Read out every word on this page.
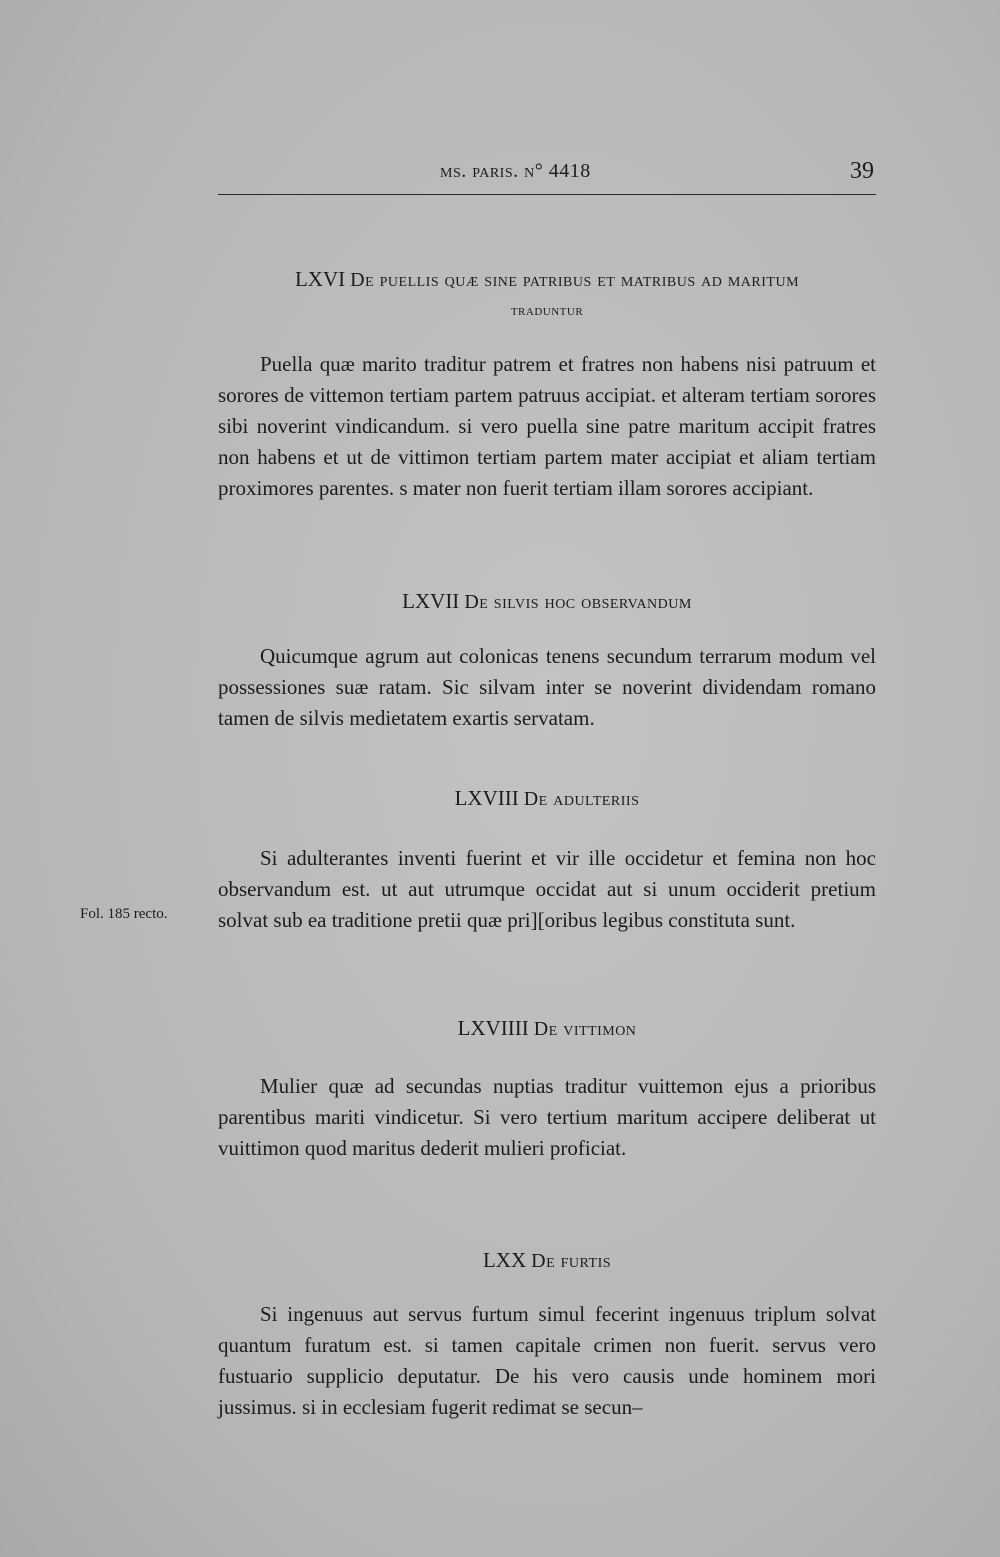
ms. paris. n° 4418	39
LXVI De puellis quæ sine patribus et matribus ad maritum
traduntur
Puella quæ marito traditur patrem et fratres non habens nisi patruum et sorores de vittemon tertiam partem patruus accipiat. et alteram tertiam sorores sibi noverint vindicandum. si vero puella sine patre maritum accipit fratres non habens et ut de vittimon tertiam partem mater accipiat et aliam tertiam proximores parentes. s mater non fuerit tertiam illam sorores accipiant.
LXVII De silvis hoc observandum
Quicumque agrum aut colonicas tenens secundum terrarum modum vel possessiones suæ ratam. Sic silvam inter se noverint dividendam romano tamen de silvis medietatem exartis servatam.
LXVIII De adulteriis
Si adulterantes inventi fuerint et vir ille occidetur et femina non hoc observandum est. ut aut utrumque occidat aut si unum occiderit pretium solvat sub ea traditione pretii quæ pri][oribus legibus constituta sunt.
Fol. 185 recto.
LXVIIII De vittimon
Mulier quæ ad secundas nuptias traditur vuittemon ejus a prioribus parentibus mariti vindicetur. Si vero tertium maritum accipere deliberat ut vuittimon quod maritus dederit mulieri proficiat.
LXX De furtis
Si ingenuus aut servus furtum simul fecerint ingenuus triplum solvat quantum furatum est. si tamen capitale crimen non fuerit. servus vero fustuario supplicio deputatur. De his vero causis unde hominem mori jussimus. si in ecclesiam fugerit redimat se secun–
